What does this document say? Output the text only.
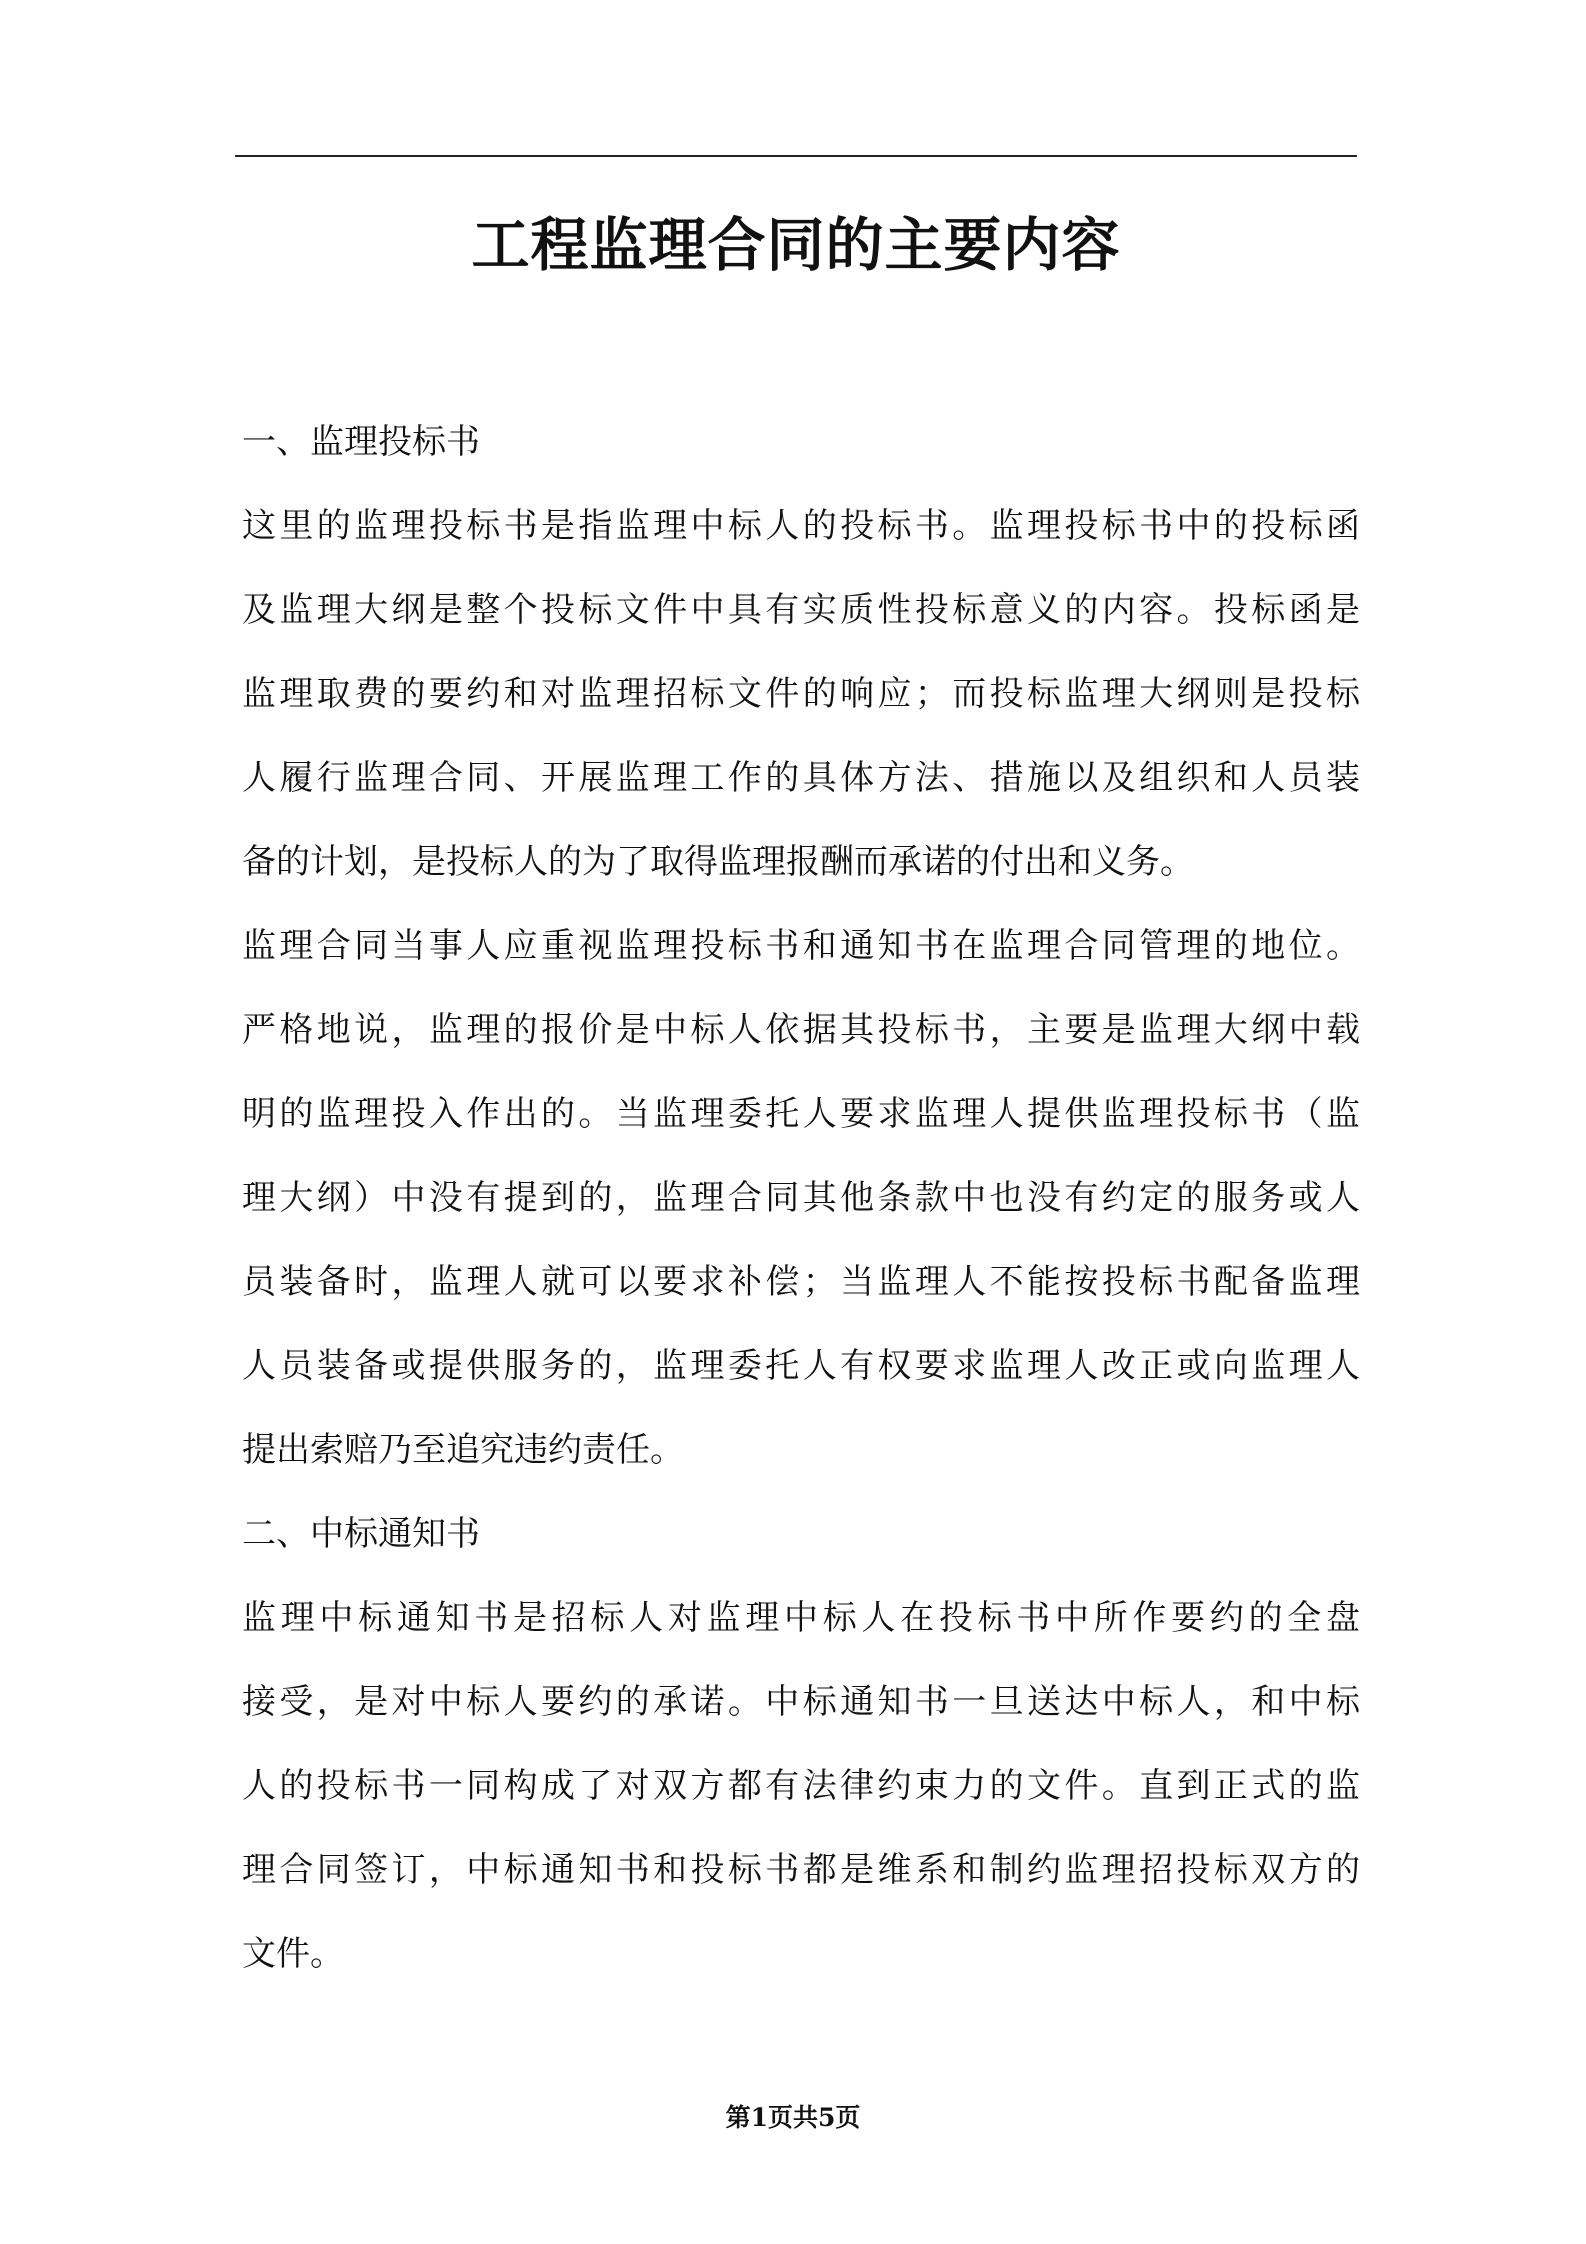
工程监理合同的主要内容
一、监理投标书

这里的监理投标书是指监理中标人的投标书。监理投标书中的投标函
及监理大纲是整个投标文件中具有实质性投标意义的内容。投标函是
监理取费的要约和对监理招标文件的响应；而投标监理大纲则是投标
人履行监理合同、开展监理工作的具体方法、措施以及组织和人员装
备的计划，是投标人的为了取得监理报酬而承诺的付出和义务。

监理合同当事人应重视监理投标书和通知书在监理合同管理的地位。
严格地说，监理的报价是中标人依据其投标书，主要是监理大纲中载
明的监理投入作出的。当监理委托人要求监理人提供监理投标书（监
理大纲）中没有提到的，监理合同其他条款中也没有约定的服务或人
员装备时，监理人就可以要求补偿；当监理人不能按投标书配备监理
人员装备或提供服务的，监理委托人有权要求监理人改正或向监理人
提出索赔乃至追究违约责任。

二、中标通知书

监理中标通知书是招标人对监理中标人在投标书中所作要约的全盘
接受，是对中标人要约的承诺。中标通知书一旦送达中标人，和中标
人的投标书一同构成了对双方都有法律约束力的文件。直到正式的监
理合同签订，中标通知书和投标书都是维系和制约监理招投标双方的
文件。

第1页共5页
